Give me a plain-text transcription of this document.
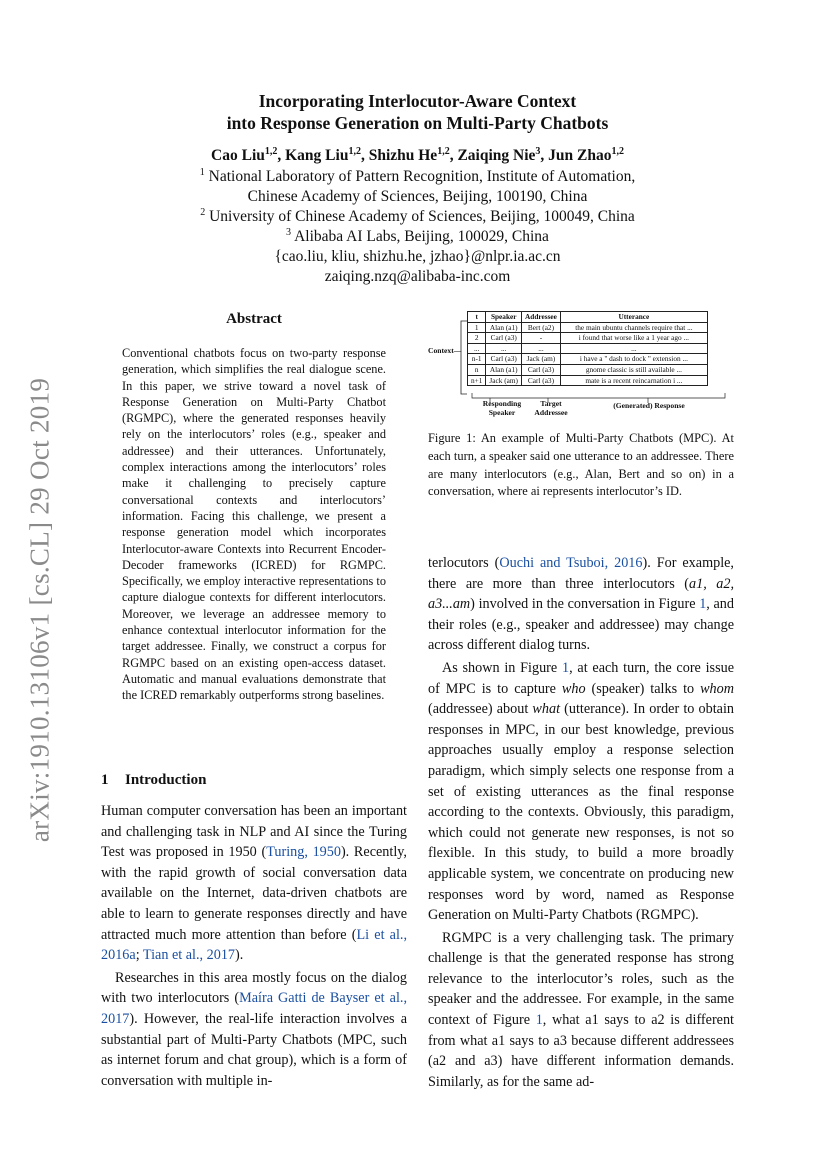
arXiv:1910.13106v1 [cs.CL] 29 Oct 2019
Incorporating Interlocutor-Aware Context
into Response Generation on Multi-Party Chatbots
Cao Liu$^{1,2}$, Kang Liu$^{1,2}$, Shizhu He$^{1,2}$, Zaiqing Nie$^3$, Jun Zhao$^{1,2}$
$^1$ National Laboratory of Pattern Recognition, Institute of Automation,
Chinese Academy of Sciences, Beijing, 100190, China
$^2$ University of Chinese Academy of Sciences, Beijing, 100049, China
$^3$ Alibaba AI Labs, Beijing, 100029, China
{cao.liu, kliu, shizhu.he, jzhao}@nlpr.ia.ac.cn
zaiqing.nzq@alibaba-inc.com
Abstract

Conventional chatbots focus on two-party response generation, which simplifies the real dialogue scene. In this paper, we strive toward a novel task of Response Generation on Multi-Party Chatbot (RGMPC), where the generated responses heavily rely on the interlocutors’ roles (e.g., speaker and addressee) and their utterances. Unfortunately, complex interactions among the interlocutors’ roles make it challenging to precisely capture conversational contexts and interlocutors’ information. Facing this challenge, we present a response generation model which incorporates Interlocutor-aware Contexts into Recurrent Encoder-Decoder frameworks (ICRED) for RGMPC. Specifically, we employ interactive representations to capture dialogue contexts for different interlocutors. Moreover, we leverage an addressee memory to enhance contextual interlocutor information for the target addressee. Finally, we construct a corpus for RGMPC based on an existing open-access dataset. Automatic and manual evaluations demonstrate that the ICRED remarkably outperforms strong baselines.

1 Introduction

Human computer conversation has been an important and challenging task in NLP and AI since the Turing Test was proposed in 1950 (Turing, 1950). Recently, with the rapid growth of social conversation data available on the Internet, data-driven chatbots are able to learn to generate responses directly and have attracted much more attention than before (Li et al., 2016a; Tian et al., 2017).

Researches in this area mostly focus on the dialog with two interlocutors (Maíra Gatti de Bayser et al., 2017). However, the real-life interaction involves a substantial part of Multi-Party Chatbots (MPC, such as internet forum and chat group), which is a form of conversation with multiple in-

Context—
t	Speaker	Addressee	Utterance
1	Alan (a1)	Bert (a2)	the main ubuntu channels require that ...
2	Carl (a3)	-	i found that worse like a 1 year ago ...
...	...	...	...
n-1	Carl (a3)	Jack (am)	i have a " dash to dock " extension ...
n	Alan (a1)	Carl (a3)	gnome classic is still available ...
n+1	Jack (am)	Carl (a3)	mate is a recent reincarnation i ...
Responding
Speaker
Target
Addressee
(Generated) Response

Figure 1: An example of Multi-Party Chatbots (MPC). At each turn, a speaker said one utterance to an addressee. There are many interlocutors (e.g., Alan, Bert and so on) in a conversation, where ai represents interlocutor’s ID.

terlocutors (Ouchi and Tsuboi, 2016). For example, there are more than three interlocutors (a1, a2, a3...am) involved in the conversation in Figure 1, and their roles (e.g., speaker and addressee) may change across different dialog turns.

As shown in Figure 1, at each turn, the core issue of MPC is to capture who (speaker) talks to whom (addressee) about what (utterance). In order to obtain responses in MPC, in our best knowledge, previous approaches usually employ a response selection paradigm, which simply selects one response from a set of existing utterances as the final response according to the contexts. Obviously, this paradigm, which could not generate new responses, is not so flexible. In this study, to build a more broadly applicable system, we concentrate on producing new responses word by word, named as Response Generation on Multi-Party Chatbots (RGMPC).

RGMPC is a very challenging task. The primary challenge is that the generated response has strong relevance to the interlocutor’s roles, such as the speaker and the addressee. For example, in the same context of Figure 1, what a1 says to a2 is different from what a1 says to a3 because different addressees (a2 and a3) have different information demands. Similarly, as for the same ad-
